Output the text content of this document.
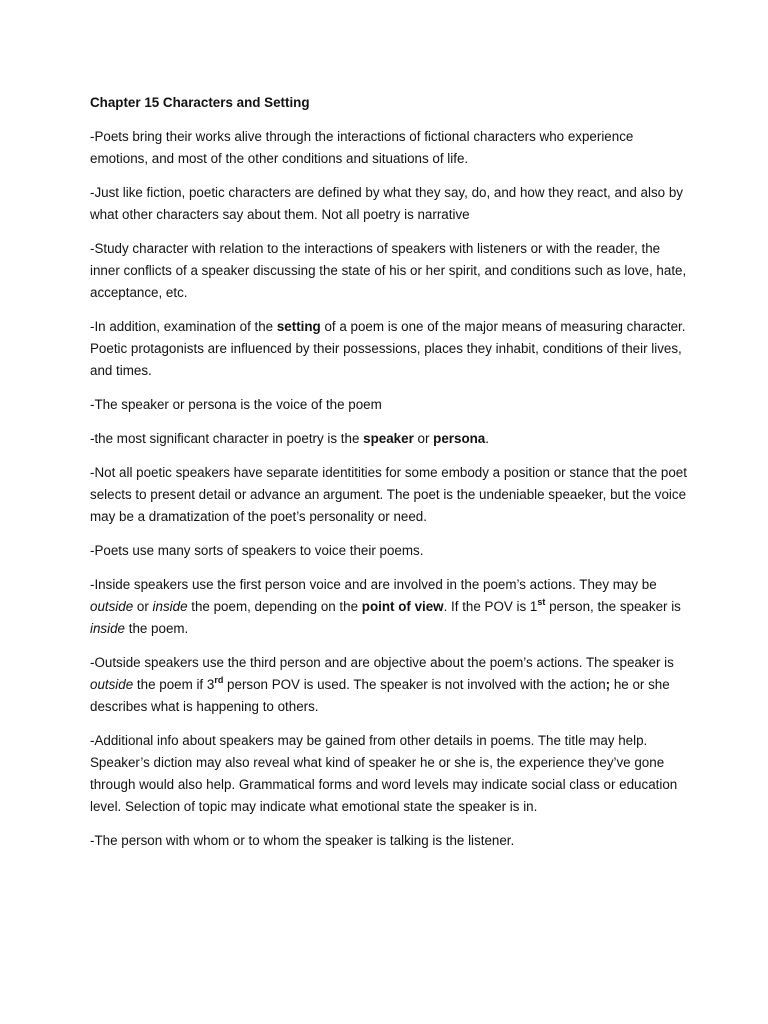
Chapter 15 Characters and Setting

-Poets bring their works alive through the interactions of fictional characters who experience emotions, and most of the other conditions and situations of life.

-Just like fiction, poetic characters are defined by what they say, do, and how they react, and also by what other characters say about them. Not all poetry is narrative

-Study character with relation to the interactions of speakers with listeners or with the reader, the inner conflicts of a speaker discussing the state of his or her spirit, and conditions such as love, hate, acceptance, etc.

-In addition, examination of the setting of a poem is one of the major means of measuring character. Poetic protagonists are influenced by their possessions, places they inhabit, conditions of their lives, and times.

-The speaker or persona is the voice of the poem

-the most significant character in poetry is the speaker or persona.

-Not all poetic speakers have separate identitities for some embody a position or stance that the poet selects to present detail or advance an argument. The poet is the undeniable speaeker, but the voice may be a dramatization of the poet’s personality or need.

-Poets use many sorts of speakers to voice their poems.

-Inside speakers use the first person voice and are involved in the poem’s actions. They may be outside or inside the poem, depending on the point of view. If the POV is 1st person, the speaker is inside the poem.

-Outside speakers use the third person and are objective about the poem’s actions. The speaker is outside the poem if 3rd person POV is used. The speaker is not involved with the action; he or she describes what is happening to others.

-Additional info about speakers may be gained from other details in poems. The title may help. Speaker’s diction may also reveal what kind of speaker he or she is, the experience they’ve gone through would also help. Grammatical forms and word levels may indicate social class or education level. Selection of topic may indicate what emotional state the speaker is in.

-The person with whom or to whom the speaker is talking is the listener.
